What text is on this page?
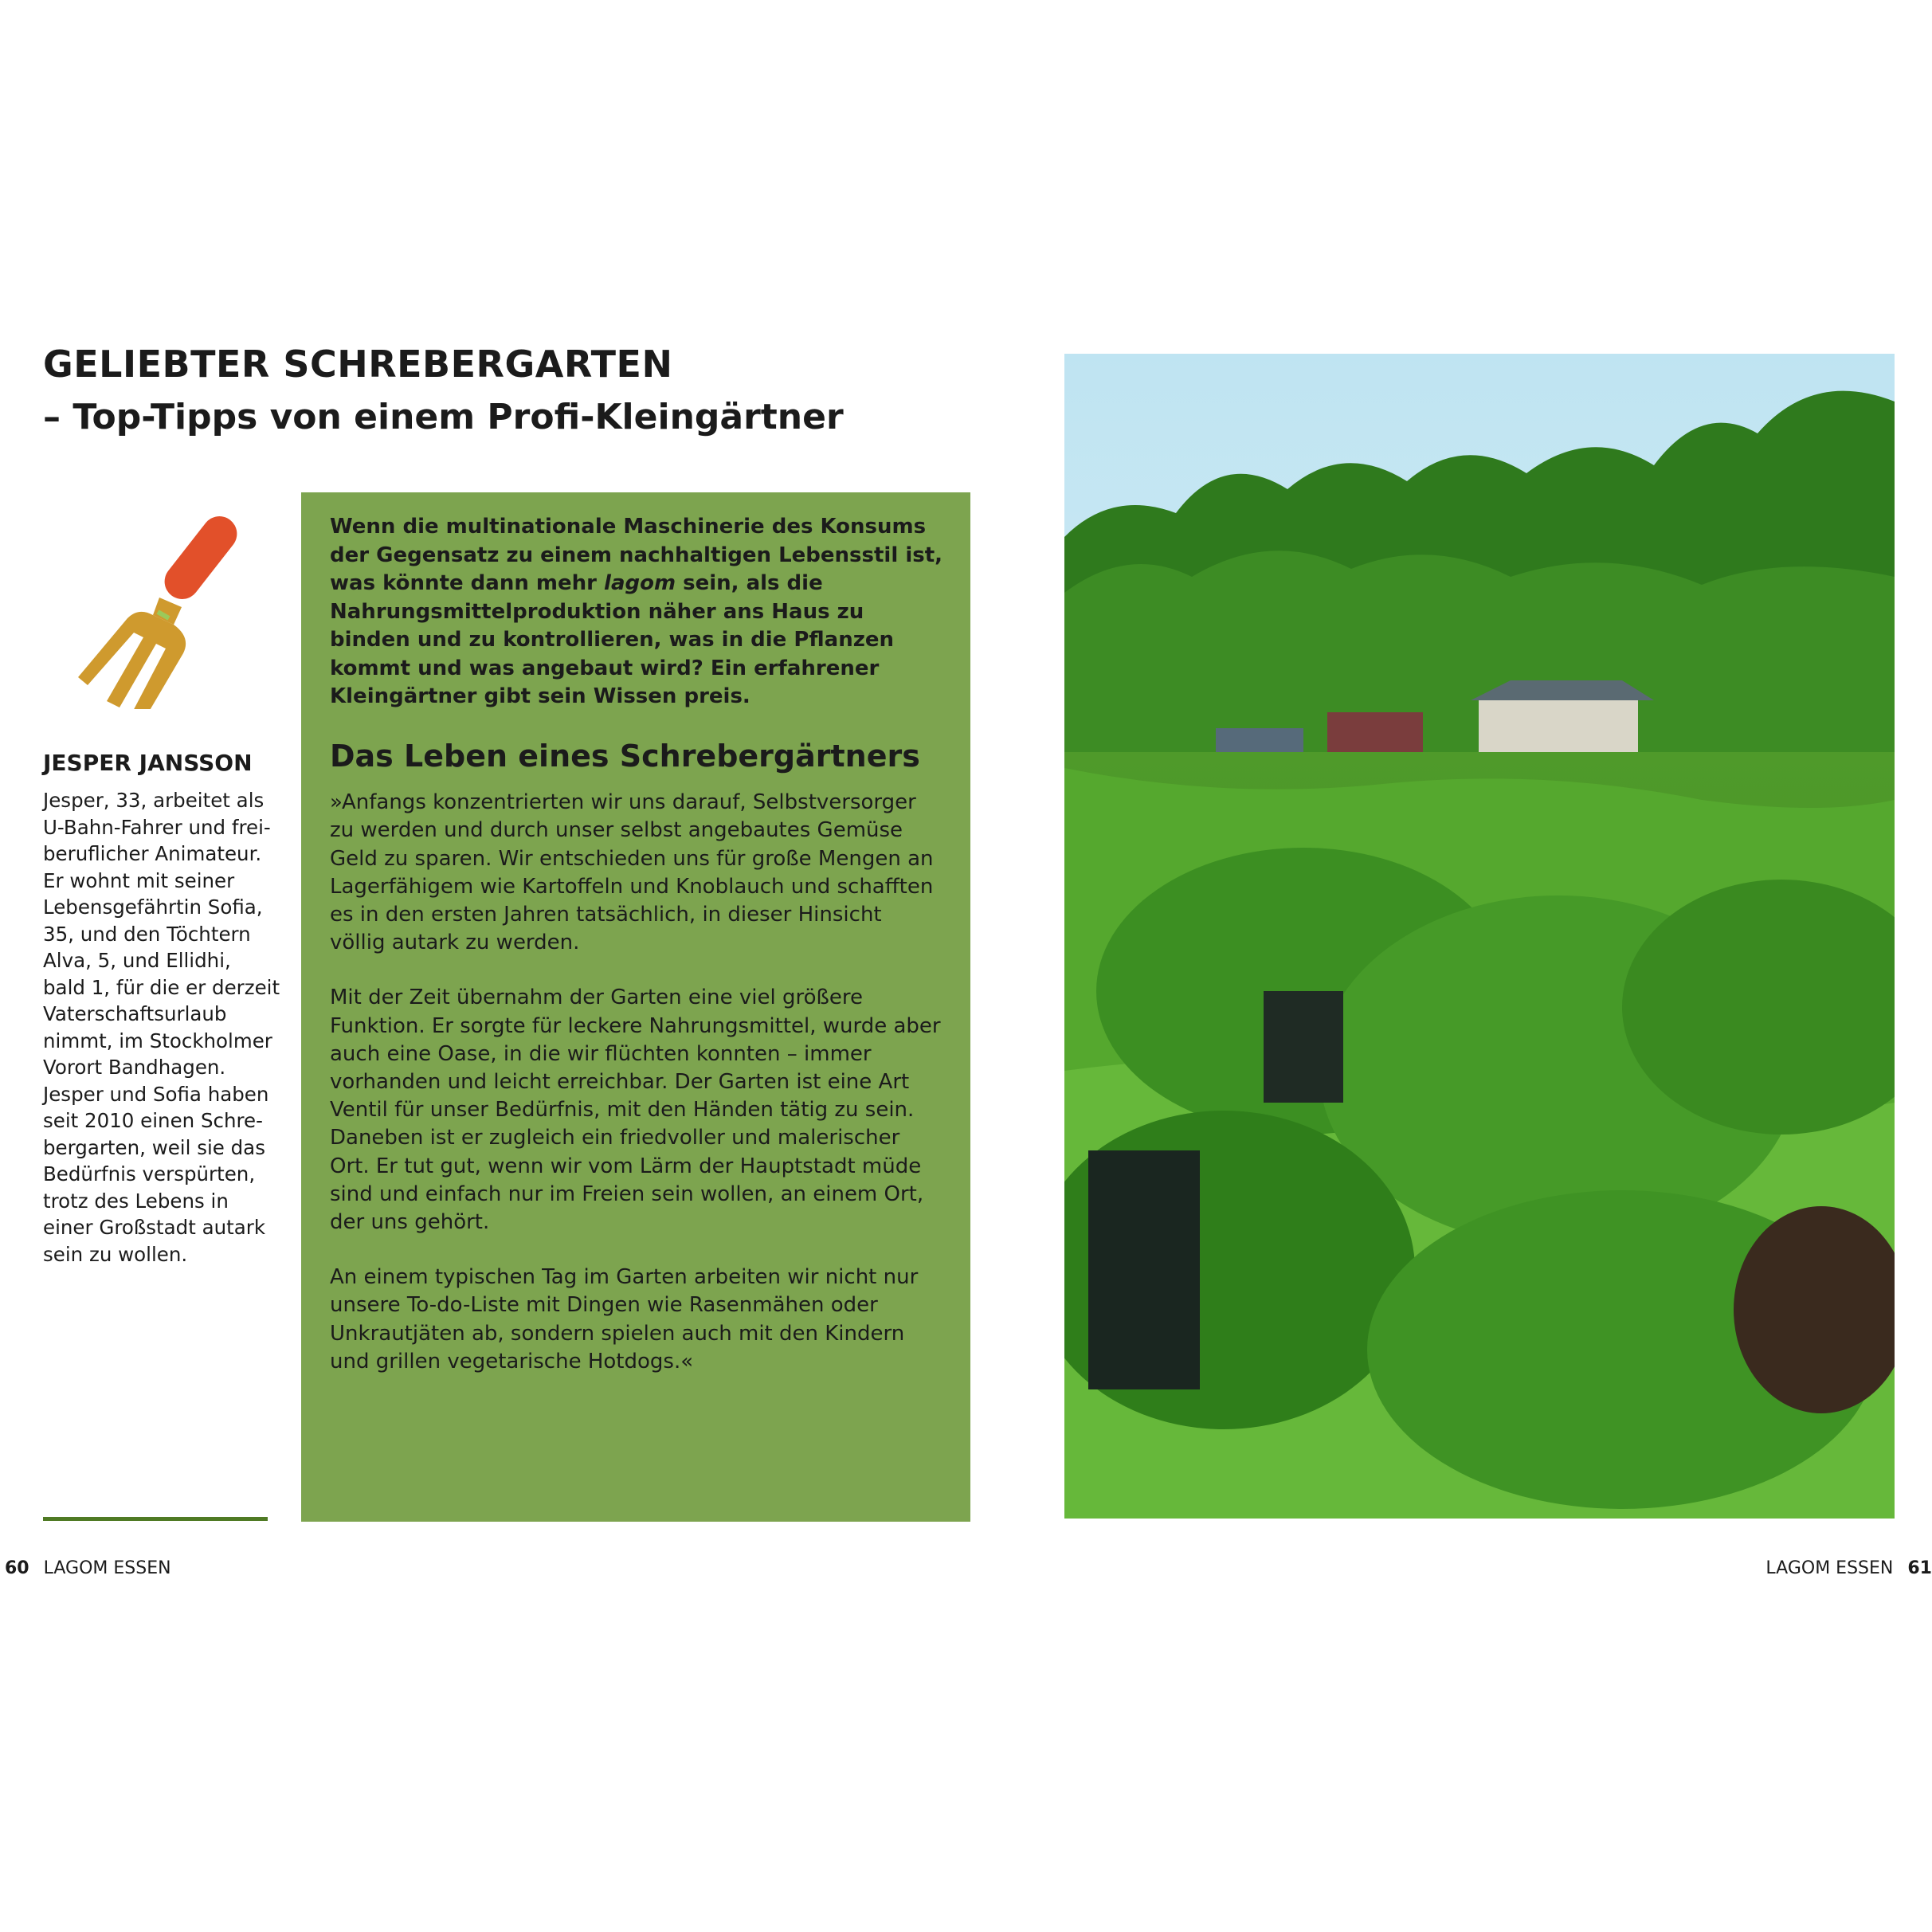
GELIEBTER SCHREBERGARTEN
– Top-Tipps von einem Profi-Kleingärtner

JESPER JANSSON

Jesper, 33, arbeitet als
U-Bahn-Fahrer und frei-
beruflicher Animateur.
Er wohnt mit seiner
Lebensgefährtin Sofia,
35, und den Töchtern
Alva, 5, und Ellidhi,
bald 1, für die er derzeit
Vaterschaftsurlaub
nimmt, im Stockholmer
Vorort Bandhagen.
Jesper und Sofia haben
seit 2010 einen Schre-
bergarten, weil sie das
Bedürfnis verspürten,
trotz des Lebens in
einer Großstadt autark
sein zu wollen.

Wenn die multinationale Maschinerie des Konsums der Gegensatz zu einem nachhaltigen Lebensstil ist, was könnte dann mehr lagom sein, als die Nahrungsmittelproduktion näher ans Haus zu binden und zu kontrollieren, was in die Pflanzen kommt und was angebaut wird? Ein erfahrener Kleingärtner gibt sein Wissen preis.

Das Leben eines Schrebergärtners

»Anfangs konzentrierten wir uns darauf, Selbstversorger zu werden und durch unser selbst angebautes Gemüse Geld zu sparen. Wir entschieden uns für große Mengen an Lagerfähigem wie Kartoffeln und Knoblauch und schafften es in den ersten Jahren tatsächlich, in dieser Hinsicht völlig autark zu werden.

Mit der Zeit übernahm der Garten eine viel größere Funktion. Er sorgte für leckere Nahrungsmittel, wurde aber auch eine Oase, in die wir flüchten konnten – immer vorhanden und leicht erreichbar. Der Garten ist eine Art Ventil für unser Bedürfnis, mit den Händen tätig zu sein. Daneben ist er zugleich ein friedvoller und malerischer Ort. Er tut gut, wenn wir vom Lärm der Hauptstadt müde sind und einfach nur im Freien sein wollen, an einem Ort, der uns gehört.

An einem typischen Tag im Garten arbeiten wir nicht nur unsere To-do-Liste mit Dingen wie Rasenmähen oder Unkrautjäten ab, sondern spielen auch mit den Kindern und grillen vegetarische Hotdogs.«

60 LAGOM ESSEN	LAGOM ESSEN 61
